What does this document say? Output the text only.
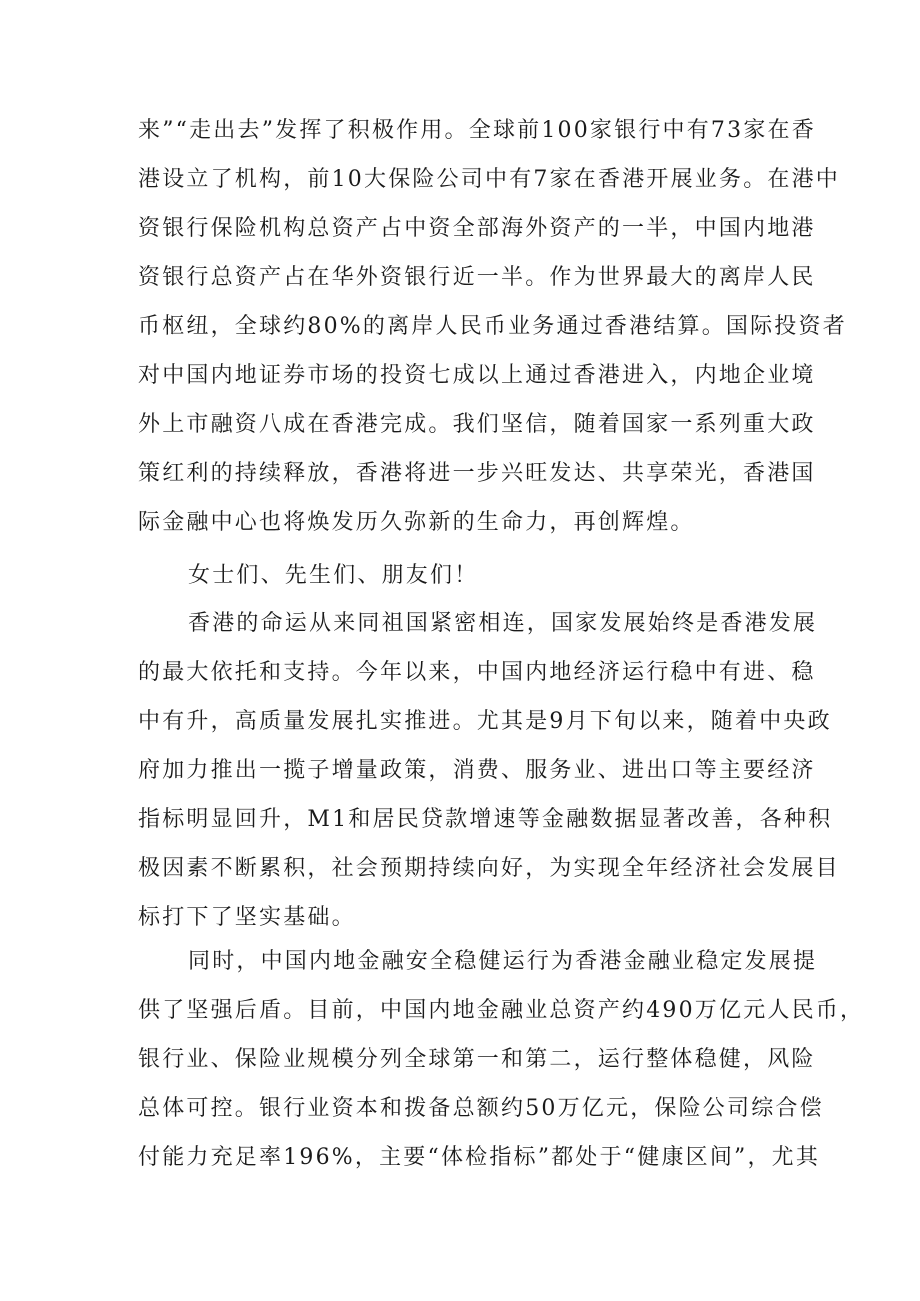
来”“走出去”发挥了积极作用。全球前100家银行中有73家在香
港设立了机构，前10大保险公司中有7家在香港开展业务。在港中
资银行保险机构总资产占中资全部海外资产的一半，中国内地港
资银行总资产占在华外资银行近一半。作为世界最大的离岸人民
币枢纽，全球约80%的离岸人民币业务通过香港结算。国际投资者
对中国内地证券市场的投资七成以上通过香港进入，内地企业境
外上市融资八成在香港完成。我们坚信，随着国家一系列重大政
策红利的持续释放，香港将进一步兴旺发达、共享荣光，香港国
际金融中心也将焕发历久弥新的生命力，再创辉煌。
女士们、先生们、朋友们！
香港的命运从来同祖国紧密相连，国家发展始终是香港发展
的最大依托和支持。今年以来，中国内地经济运行稳中有进、稳
中有升，高质量发展扎实推进。尤其是9月下旬以来，随着中央政
府加力推出一揽子增量政策，消费、服务业、进出口等主要经济
指标明显回升，M1和居民贷款增速等金融数据显著改善，各种积
极因素不断累积，社会预期持续向好，为实现全年经济社会发展目
标打下了坚实基础。
同时，中国内地金融安全稳健运行为香港金融业稳定发展提
供了坚强后盾。目前，中国内地金融业总资产约490万亿元人民币，
银行业、保险业规模分列全球第一和第二，运行整体稳健，风险
总体可控。银行业资本和拨备总额约50万亿元，保险公司综合偿
付能力充足率196%，主要“体检指标”都处于“健康区间”，尤其
